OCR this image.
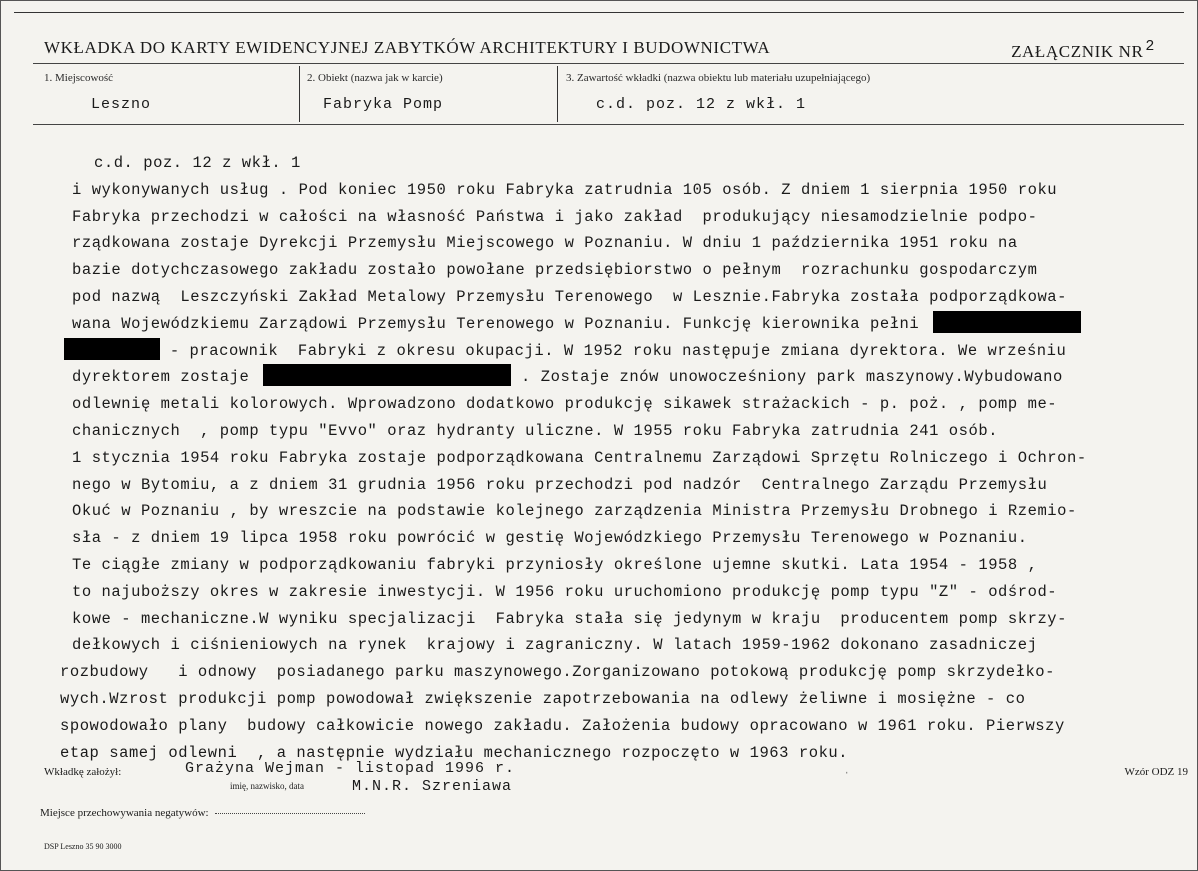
WKŁADKA DO KARTY EWIDENCYJNEJ ZABYTKÓW ARCHITEKTURY I BUDOWNICTWA	ZAŁĄCZNIK NR $^2$
1. Miejscowość
Leszno
2. Obiekt (nazwa jak w karcie)
Fabryka Pomp
3. Zawartość wkładki (nazwa obiektu lub materiału uzupełniającego)
c.d. poz. 12 z wkł. 1
c.d. poz. 12 z wkł. 1
i wykonywanych usług . Pod koniec 1950 roku Fabryka zatrudnia 105 osób. Z dniem 1 sierpnia 1950 roku
Fabryka przechodzi w całości na własność Państwa i jako zakład  produkujący niesamodzielnie podpo-
rządkowana zostaje Dyrekcji Przemysłu Miejscowego w Poznaniu. W dniu 1 października 1951 roku na
bazie dotychczasowego zakładu zostało powołane przedsiębiorstwo o pełnym  rozrachunku gospodarczym
pod nazwą  Leszczyński Zakład Metalowy Przemysłu Terenowego  w Lesznie.Fabryka została podporządkowa-
wana Wojewódzkiemu Zarządowi Przemysłu Terenowego w Poznaniu. Funkcję kierownika pełni
- pracownik  Fabryki z okresu okupacji. W 1952 roku następuje zmiana dyrektora. We wrześniu
dyrektorem zostaje	. Zostaje znów unowocześniony park maszynowy.Wybudowano
odlewnię metali kolorowych. Wprowadzono dodatkowo produkcję sikawek strażackich - p. poż. , pomp me-
chanicznych  , pomp typu "Evvo" oraz hydranty uliczne. W 1955 roku Fabryka zatrudnia 241 osób.
1 stycznia 1954 roku Fabryka zostaje podporządkowana Centralnemu Zarządowi Sprzętu Rolniczego i Ochron-
nego w Bytomiu, a z dniem 31 grudnia 1956 roku przechodzi pod nadzór  Centralnego Zarządu Przemysłu
Okuć w Poznaniu , by wreszcie na podstawie kolejnego zarządzenia Ministra Przemysłu Drobnego i Rzemio-
sła - z dniem 19 lipca 1958 roku powrócić w gestię Wojewódzkiego Przemysłu Terenowego w Poznaniu.
Te ciągłe zmiany w podporządkowaniu fabryki przyniosły określone ujemne skutki. Lata 1954 - 1958 ,
to najuboższy okres w zakresie inwestycji. W 1956 roku uruchomiono produkcję pomp typu "Z" - odśrod-
kowe - mechaniczne.W wyniku specjalizacji  Fabryka stała się jedynym w kraju  producentem pomp skrzy-
dełkowych i ciśnieniowych na rynek  krajowy i zagraniczny. W latach 1959-1962 dokonano zasadniczej
rozbudowy   i odnowy  posiadanego parku maszynowego.Zorganizowano potokową produkcję pomp skrzydełko-
wych.Wzrost produkcji pomp powodował zwiększenie zapotrzebowania na odlewy żeliwne i mosiężne - co
spowodowało plany  budowy całkowicie nowego zakładu. Założenia budowy opracowano w 1961 roku. Pierwszy
etap samej odlewni  , a następnie wydziału mechanicznego rozpoczęto w 1963 roku.
Wkładkę założył:	Grażyna Wejman - listopad 1996 r.
imię, nazwisko, data	M.N.R. Szreniawa
ˌ	Wzór ODZ 19
Miejsce przechowywania negatywów:
DSP Leszno 35 90 3000
